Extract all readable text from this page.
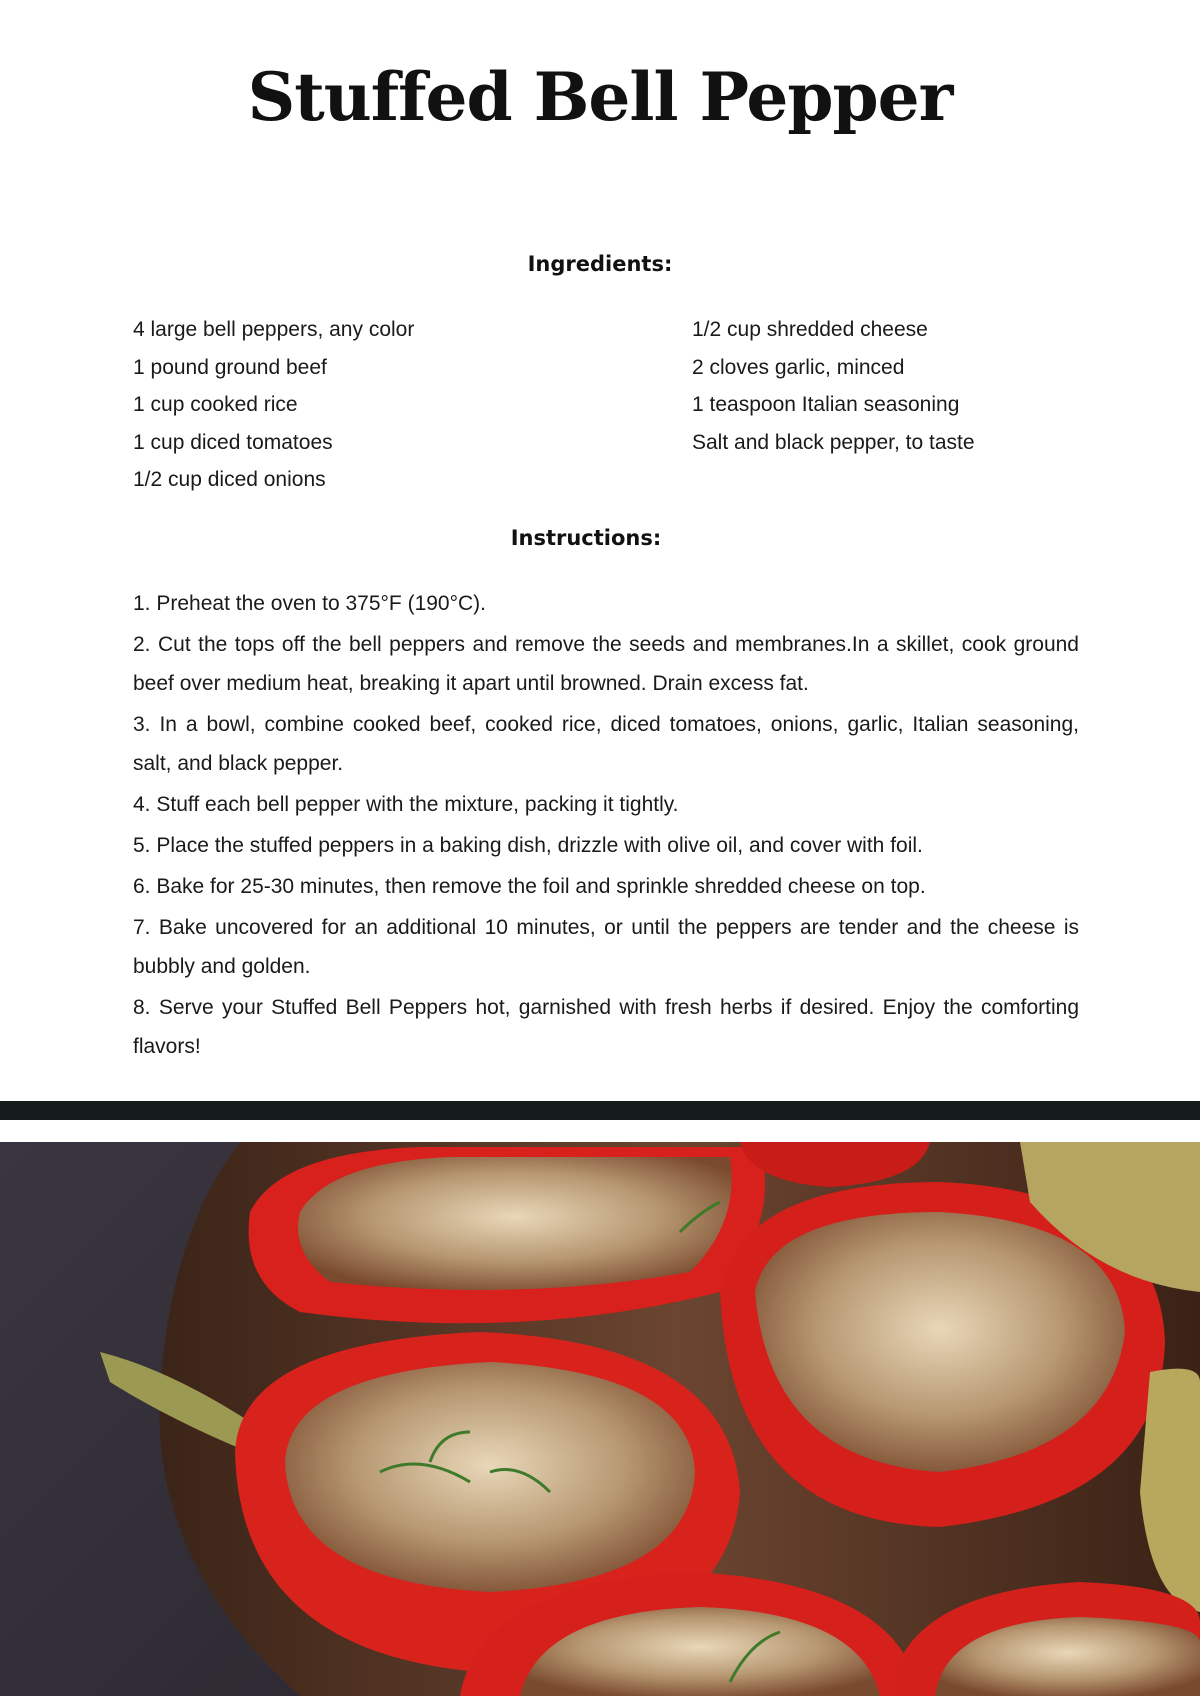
Stuffed Bell Pepper
Ingredients:
4 large bell peppers, any color
1 pound ground beef
1 cup cooked rice
1 cup diced tomatoes
1/2 cup diced onions
1/2 cup shredded cheese
2 cloves garlic, minced
1 teaspoon Italian seasoning
Salt and black pepper, to taste
Instructions:

1. Preheat the oven to 375°F (190°C).

2. Cut the tops off the bell peppers and remove the seeds and membranes.In a skillet, cook ground beef over medium heat, breaking it apart until browned. Drain excess fat.

3. In a bowl, combine cooked beef, cooked rice, diced tomatoes, onions, garlic, Italian seasoning, salt, and black pepper.

4. Stuff each bell pepper with the mixture, packing it tightly.

5. Place the stuffed peppers in a baking dish, drizzle with olive oil, and cover with foil.

6. Bake for 25-30 minutes, then remove the foil and sprinkle shredded cheese on top.

7. Bake uncovered for an additional 10 minutes, or until the peppers are tender and the cheese is bubbly and golden.

8. Serve your Stuffed Bell Peppers hot, garnished with fresh herbs if desired. Enjoy the comforting flavors!
